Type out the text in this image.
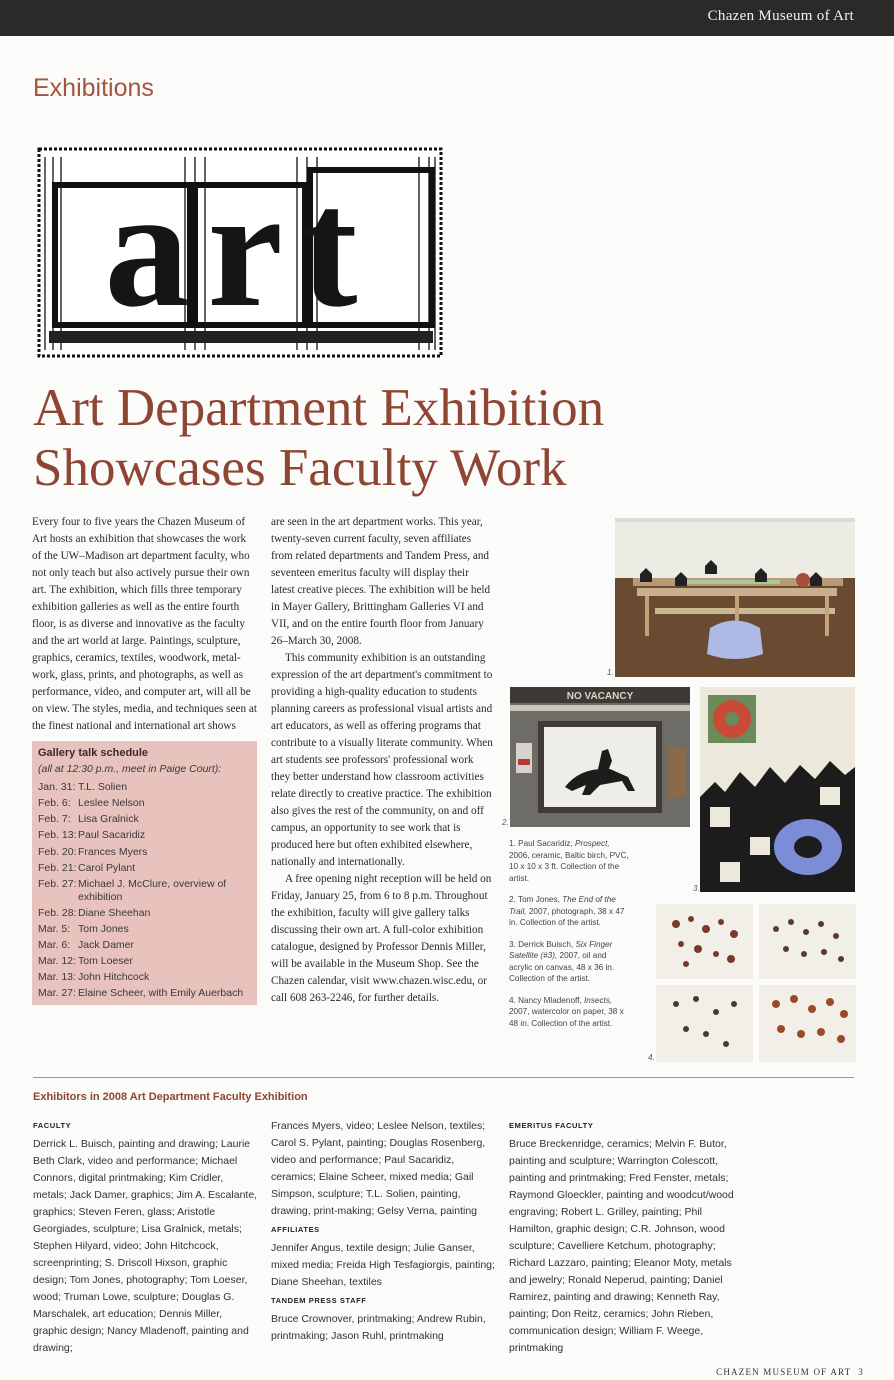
Chazen Museum of Art
Exhibitions
art
Art Department Exhibition
Showcases Faculty Work

Every four to five years the Chazen Museum of Art hosts an exhibition that showcases the work of the UW–Madison art department faculty, who not only teach but also actively pursue their own art. The exhibition, which fills three temporary exhibition galleries as well as the entire fourth floor, is as diverse and innovative as the faculty and the art world at large. Paintings, sculpture, graphics, ceramics, textiles, woodwork, metal-work, glass, prints, and photographs, as well as performance, video, and computer art, will all be on view. The styles, media, and techniques seen at the finest national and international art shows

are seen in the art department works. This year, twenty-seven current faculty, seven affiliates from related departments and Tandem Press, and seventeen emeritus faculty will display their latest creative pieces. The exhibition will be held in Mayer Gallery, Brittingham Galleries VI and VII, and on the entire fourth floor from January 26–March 30, 2008.

This community exhibition is an outstanding expression of the art department's commitment to providing a high-quality education to students planning careers as professional visual artists and art educators, as well as offering programs that contribute to a visually literate community. When art students see professors' professional work they better understand how classroom activities relate directly to creative practice. The exhibition also gives the rest of the community, on and off campus, an opportunity to see work that is produced here but often exhibited elsewhere, nationally and internationally.

A free opening night reception will be held on Friday, January 25, from 6 to 8 p.m. Throughout the exhibition, faculty will give gallery talks discussing their own art. A full-color exhibition catalogue, designed by Professor Dennis Miller, will be available in the Museum Shop. See the Chazen calendar, visit www.chazen.wisc.edu, or call 608 263-2246, for further details.

Gallery talk schedule
(all at 12:30 p.m., meet in Paige Court):
Jan. 31: T.L. Solien
Feb. 6: Leslee Nelson
Feb. 7: Lisa Gralnick
Feb. 13:Paul Sacaridiz
Feb. 20:Frances Myers
Feb. 21:Carol Pylant
Feb. 27:Michael J. McClure, overview of exhibition
Feb. 28:Diane Sheehan
Mar. 5: Tom Jones
Mar. 6: Jack Damer
Mar. 12: Tom Loeser
Mar. 13: John Hitchcock
Mar. 27: Elaine Scheer, with Emily Auerbach
1.
NO VACANCY
2.
3.
4.

1. Paul Sacaridiz, Prospect, 2006, ceramic, Baltic birch, PVC, 10 x 10 x 3 ft. Collection of the artist.

2. Tom Jones, The End of the Trail, 2007, photograph, 38 x 47 in. Collection of the artist.

3. Derrick Buisch, Six Finger Satellite (#3), 2007, oil and acrylic on canvas, 48 x 36 in. Collection of the artist.

4. Nancy Mladenoff, Insects, 2007, watercolor on paper, 38 x 48 in. Collection of the artist.

Exhibitors in 2008 Art Department Faculty Exhibition
FACULTY

Derrick L. Buisch, painting and drawing; Laurie Beth Clark, video and performance; Michael Connors, digital printmaking; Kim Cridler, metals; Jack Damer, graphics; Jim A. Escalante, graphics; Steven Feren, glass; Aristotle Georgiades, sculpture; Lisa Gralnick, metals; Stephen Hilyard, video; John Hitchcock, screenprinting; S. Driscoll Hixson, graphic design; Tom Jones, photography; Tom Loeser, wood; Truman Lowe, sculpture; Douglas G. Marschalek, art education; Dennis Miller, graphic design; Nancy Mladenoff, painting and drawing;

Frances Myers, video; Leslee Nelson, textiles; Carol S. Pylant, painting; Douglas Rosenberg, video and performance; Paul Sacaridiz, ceramics; Elaine Scheer, mixed media; Gail Simpson, sculpture; T.L. Solien, painting, drawing, print-making; Gelsy Verna, painting

AFFILIATES

Jennifer Angus, textile design; Julie Ganser, mixed media; Freida High Tesfagiorgis, painting; Diane Sheehan, textiles

TANDEM PRESS STAFF

Bruce Crownover, printmaking; Andrew Rubin, printmaking; Jason Ruhl, printmaking

EMERITUS FACULTY

Bruce Breckenridge, ceramics; Melvin F. Butor, painting and sculpture; Warrington Colescott, painting and printmaking; Fred Fenster, metals; Raymond Gloeckler, painting and woodcut/wood engraving; Robert L. Grilley, painting; Phil Hamilton, graphic design; C.R. Johnson, wood sculpture; Cavelliere Ketchum, photography; Richard Lazzaro, painting; Eleanor Moty, metals and jewelry; Ronald Neperud, painting; Daniel Ramirez, painting and drawing; Kenneth Ray, painting; Don Reitz, ceramics; John Rieben, communication design; William F. Weege, printmaking

CHAZEN MUSEUM OF ART 3
